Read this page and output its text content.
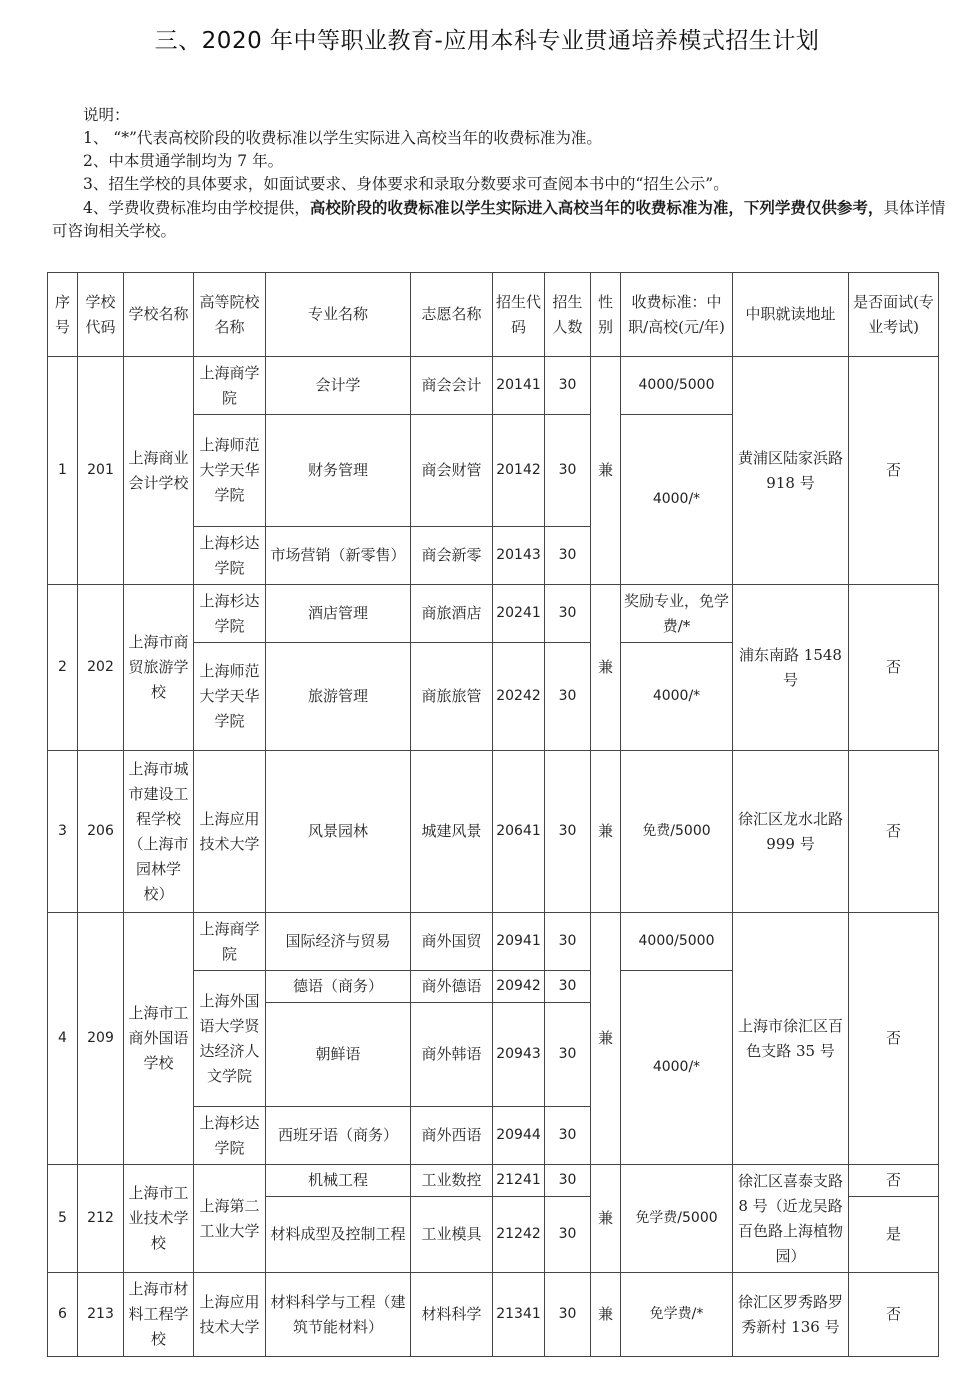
三、2020 年中等职业教育-应用本科专业贯通培养模式招生计划

说明：

1、 “*”代表高校阶段的收费标准以学生实际进入高校当年的收费标准为准。

2、中本贯通学制均为 7 年。

3、招生学校的具体要求，如面试要求、身体要求和录取分数要求可查阅本书中的“招生公示”。

4、学费收费标准均由学校提供，高校阶段的收费标准以学生实际进入高校当年的收费标准为准，下列学费仅供参考，具体详情可咨询相关学校。

序号	学校代码	学校名称	高等院校名称	专业名称	志愿名称	招生代码	招生人数	性别	收费标准：中职/高校(元/年)	中职就读地址	是否面试(专业考试)
1	201	上海商业会计学校	上海商学院	会计学	商会会计	20141	30	兼	4000/5000	黄浦区陆家浜路 918 号	否
			上海师范大学天华学院	财务管理	商会财管	20142	30		4000/*		
			上海杉达学院	市场营销（新零售）	商会新零	20143	30				
2	202	上海市商贸旅游学校	上海杉达学院	酒店管理	商旅酒店	20241	30	兼	奖励专业，免学费/*	浦东南路 1548 号	否
			上海师范大学天华学院	旅游管理	商旅旅管	20242	30		4000/*		
3	206	上海市城市建设工程学校（上海市园林学校）	上海应用技术大学	风景园林	城建风景	20641	30	兼	免费/5000	徐汇区龙水北路 999 号	否
4	209	上海市工商外国语学校	上海商学院	国际经济与贸易	商外国贸	20941	30	兼	4000/5000	上海市徐汇区百色支路 35 号	否
			上海外国语大学贤达经济人文学院	德语（商务）	商外德语	20942	30		4000/*		
				朝鲜语	商外韩语	20943	30				
			上海杉达学院	西班牙语（商务）	商外西语	20944	30				
5	212	上海市工业技术学校	上海第二工业大学	机械工程	工业数控	21241	30	兼	免学费/5000	徐汇区喜泰支路 8 号（近龙吴路百色路上海植物园）	否
				材料成型及控制工程	工业模具	21242	30				是
6	213	上海市材料工程学校	上海应用技术大学	材料科学与工程（建筑节能材料）	材料科学	21341	30	兼	免学费/*	徐汇区罗秀路罗秀新村 136 号	否
